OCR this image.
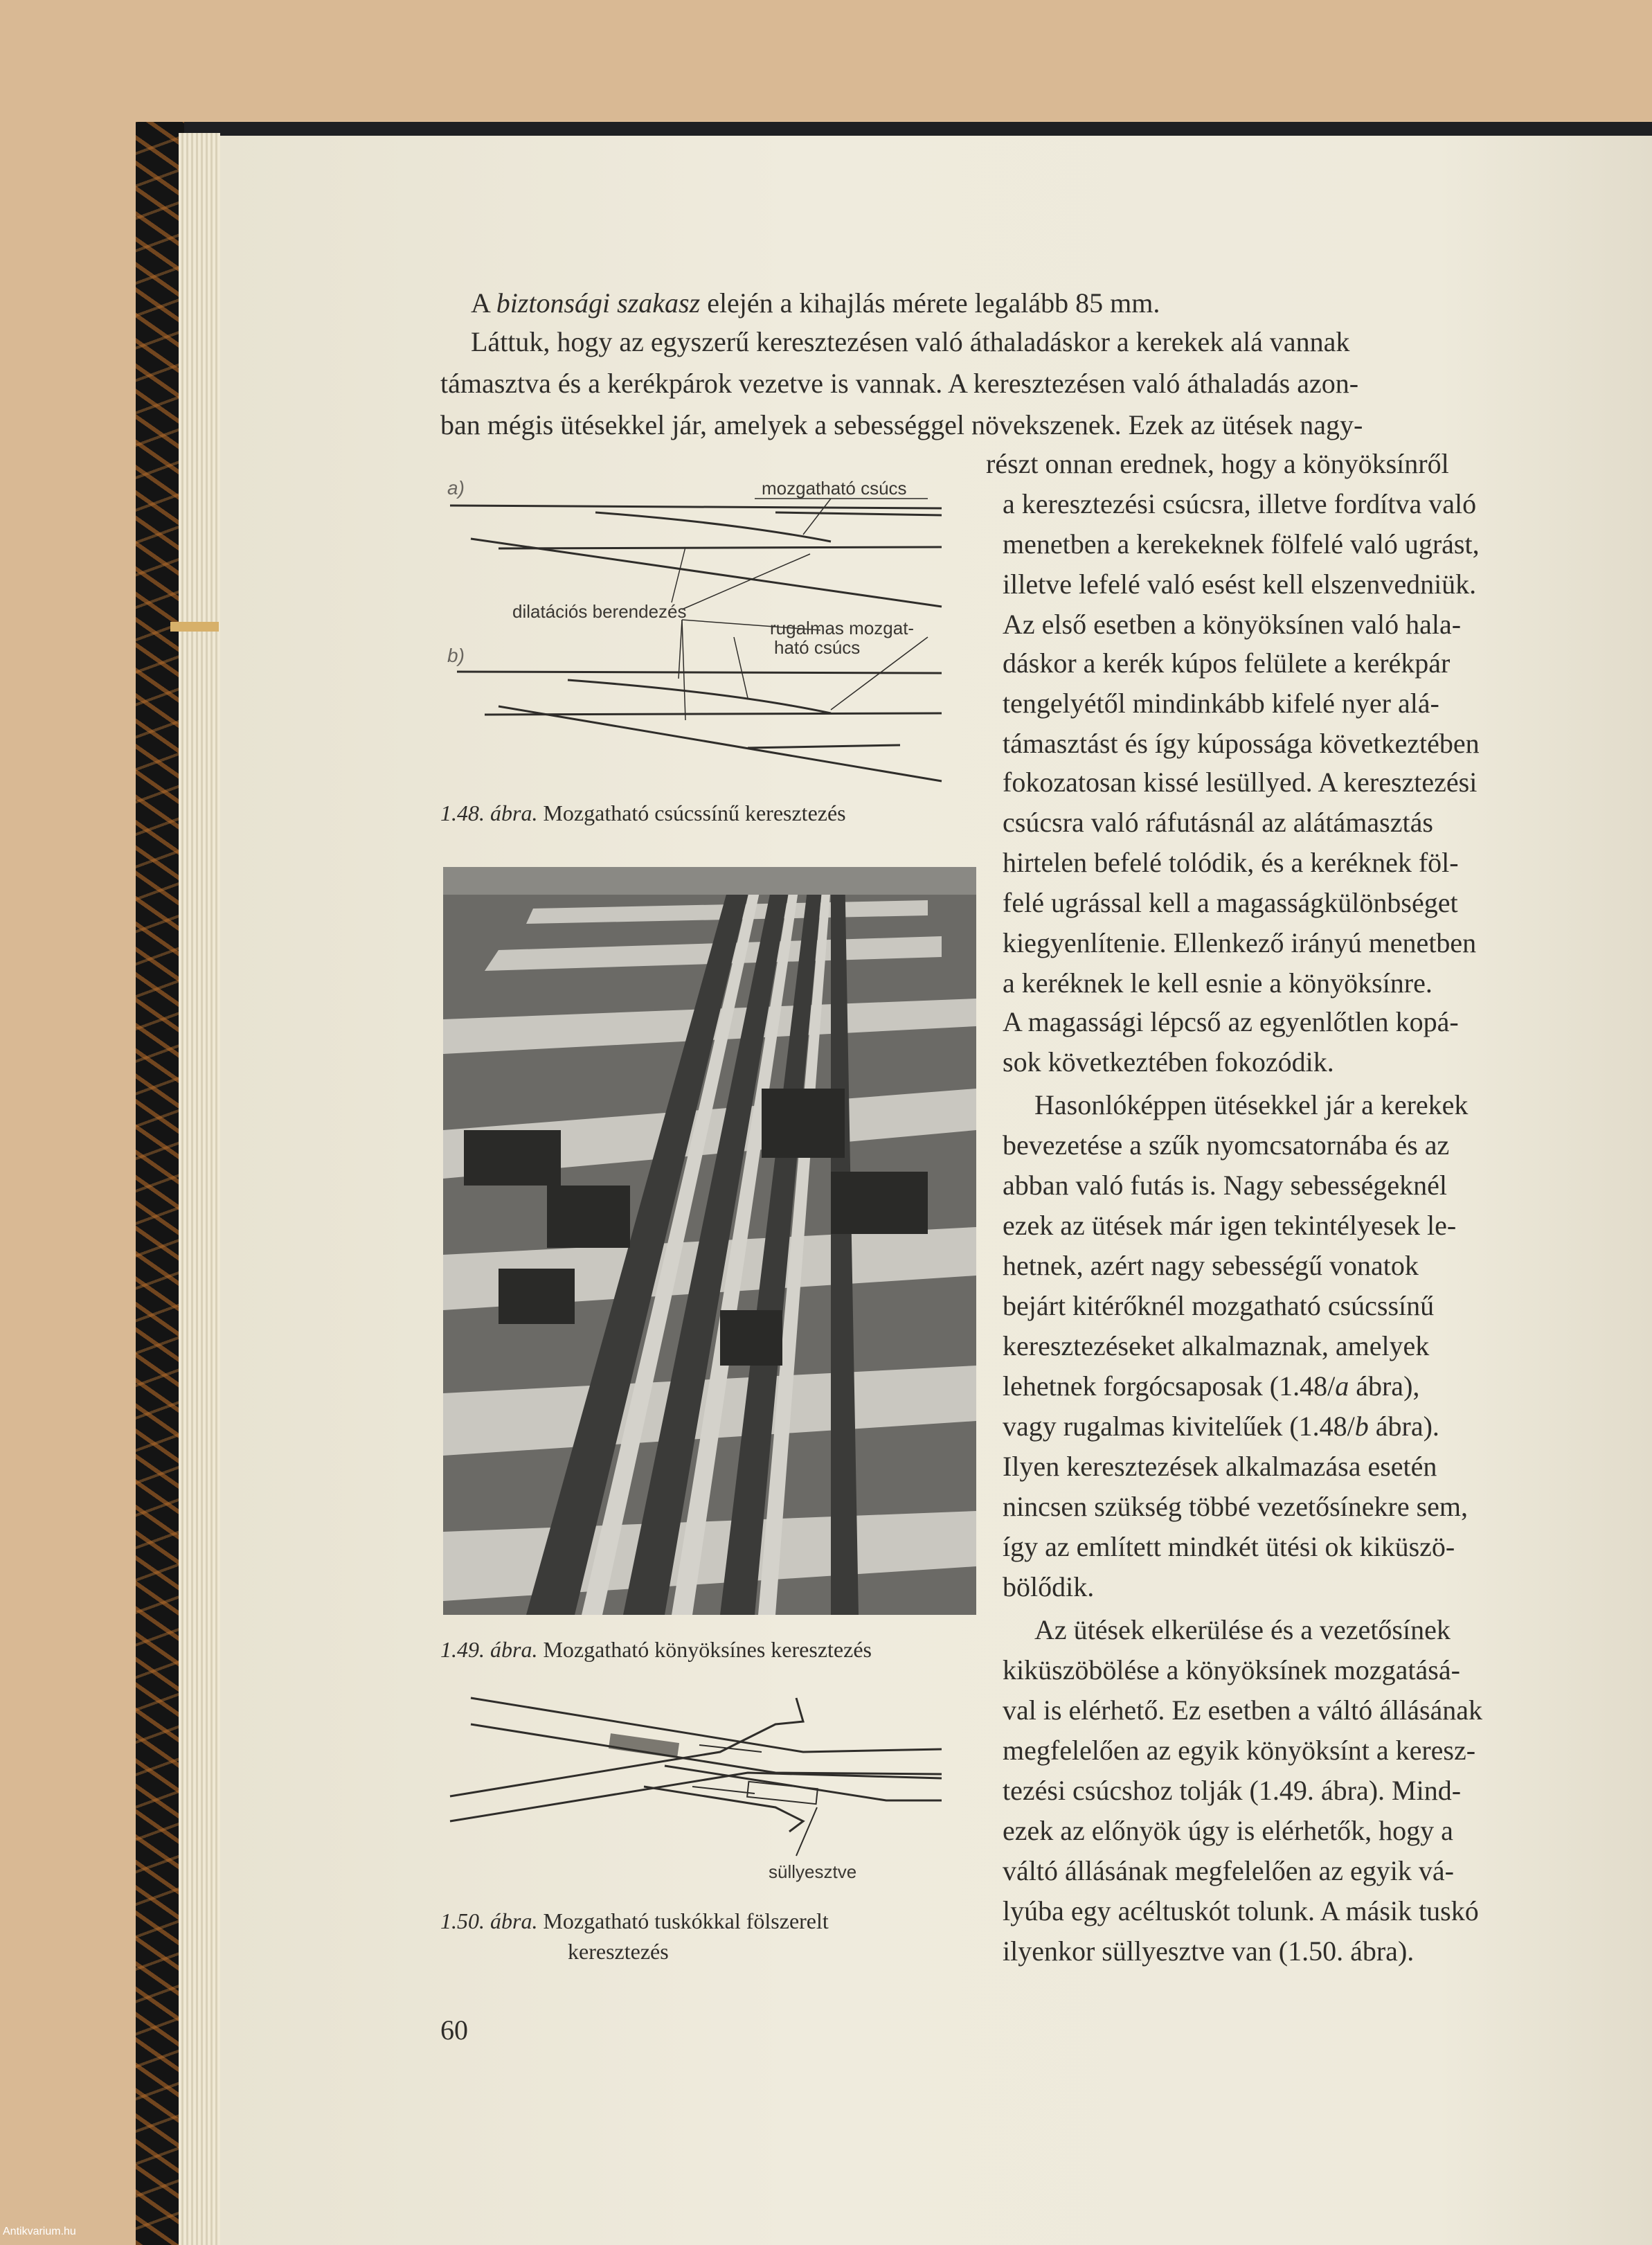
A biztonsági szakasz elején a kihajlás mérete legalább 85 mm.
Láttuk, hogy az egyszerű keresztezésen való áthaladáskor a kerekek alá vannak
támasztva és a kerékpárok vezetve is vannak. A keresztezésen való áthaladás azon-
ban mégis ütésekkel jár, amelyek a sebességgel növekszenek. Ezek az ütések nagy-
részt onnan erednek, hogy a könyöksínről
a keresztezési csúcsra, illetve fordítva való
menetben a kerekeknek fölfelé való ugrást,
illetve lefelé való esést kell elszenvedniük.
Az első esetben a könyöksínen való hala-
dáskor a kerék kúpos felülete a kerékpár
tengelyétől mindinkább kifelé nyer alá-
támasztást és így kúpossága következtében
fokozatosan kissé lesüllyed. A keresztezési
csúcsra való ráfutásnál az alátámasztás
hirtelen befelé tolódik, és a keréknek föl-
felé ugrással kell a magasságkülönbséget
kiegyenlítenie. Ellenkező irányú menetben
a keréknek le kell esnie a könyöksínre.
A magassági lépcső az egyenlőtlen kopá-
sok következtében fokozódik.
Hasonlóképpen ütésekkel jár a kerekek
bevezetése a szűk nyomcsatornába és az
abban való futás is. Nagy sebességeknél
ezek az ütések már igen tekintélyesek le-
hetnek, azért nagy sebességű vonatok
bejárt kitérőknél mozgatható csúcssínű
keresztezéseket alkalmaznak, amelyek
lehetnek forgócsaposak (1.48/a ábra),
vagy rugalmas kivitelűek (1.48/b ábra).
Ilyen keresztezések alkalmazása esetén
nincsen szükség többé vezetősínekre sem,
így az említett mindkét ütési ok kiküszö-
bölődik.
Az ütések elkerülése és a vezetősínek
kiküszöbölése a könyöksínek mozgatásá-
val is elérhető. Ez esetben a váltó állásának
megfelelően az egyik könyöksínt a keresz-
tezési csúcshoz tolják (1.49. ábra). Mind-
ezek az előnyök úgy is elérhetők, hogy a
váltó állásának megfelelően az egyik vá-
lyúba egy acéltuskót tolunk. A másik tuskó
ilyenkor süllyesztve van (1.50. ábra).
a)	mozgatható csúcs
dilatációs berendezés
rugalmas mozgat-
ható csúcs
b)
1.48. ábra. Mozgatható csúcssínű keresztezés
1.49. ábra. Mozgatható könyöksínes keresztezés
süllyesztve
1.50. ábra. Mozgatható tuskókkal fölszerelt
keresztezés
60
Antikvarium.hu
